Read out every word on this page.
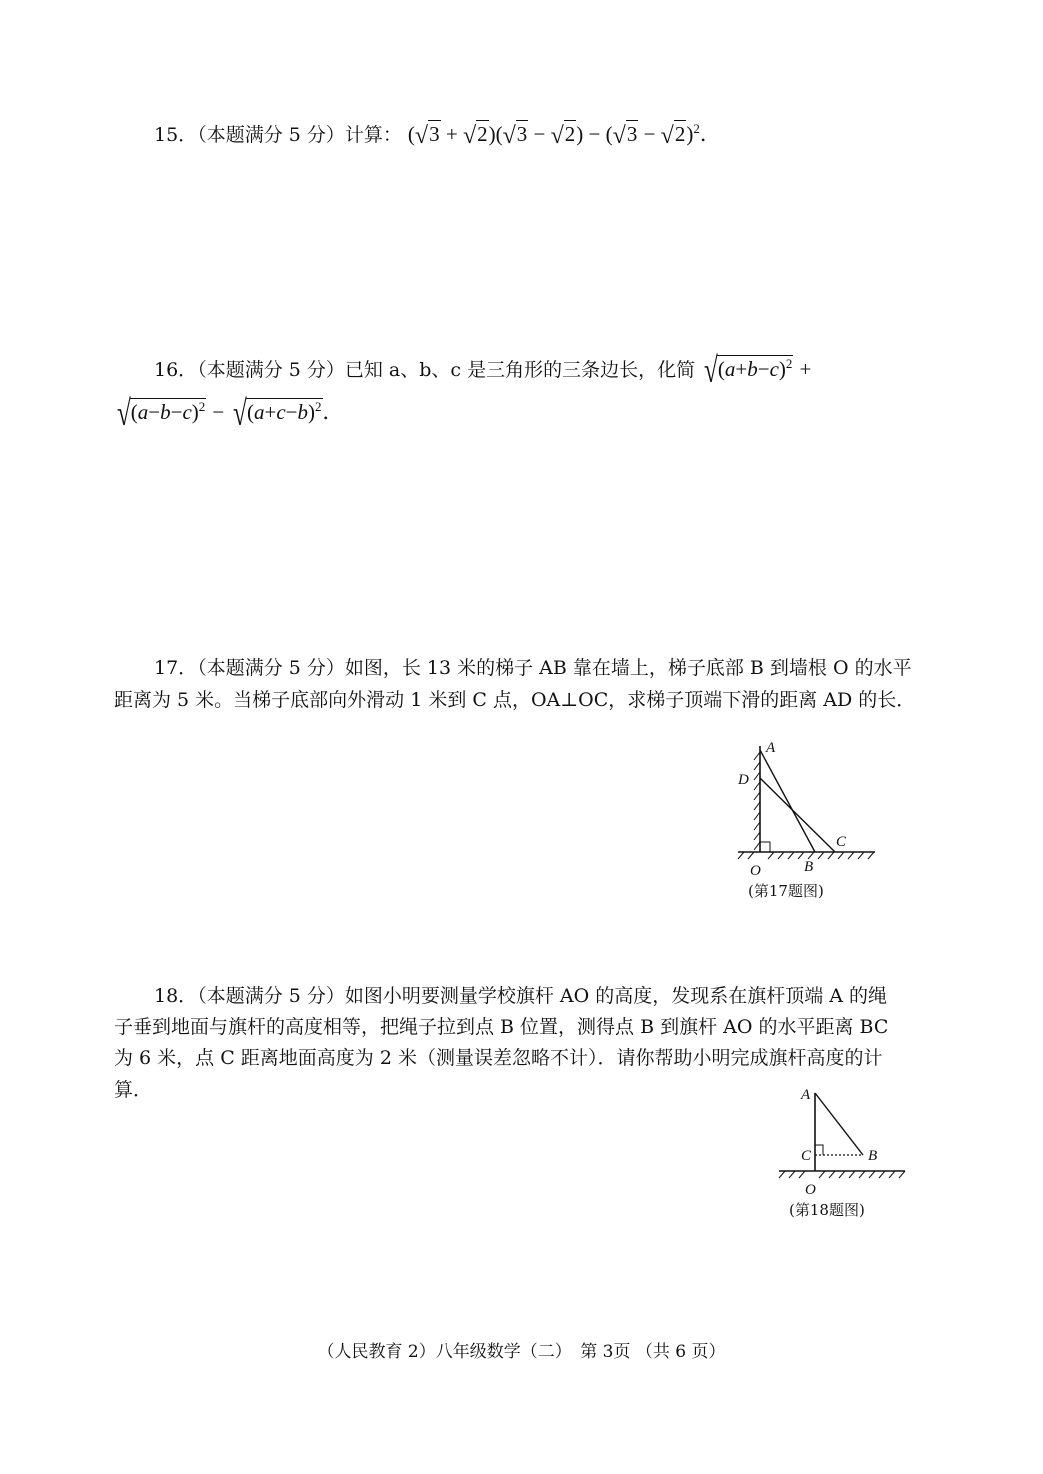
15．（本题满分 5 分）计算： $(√3 + √2)(√3 - √2) - (√3 - √2)^2$．
16．（本题满分 5 分）已知 a、b、c 是三角形的三条边长，化简 $√(a+b-c)^2$ +
$√(a-b-c)^2 - √(a+c-b)^2$．
17．（本题满分 5 分）如图，长 13 米的梯子 AB 靠在墙上，梯子底部 B 到墙根 O 的水平
距离为 5 米。当梯子底部向外滑动 1 米到 C 点，OA⊥OC，求梯子顶端下滑的距离 AD 的长．
A
D
O	B
C
(第17题图)
18．（本题满分 5 分）如图小明要测量学校旗杆 AO 的高度，发现系在旗杆顶端 A 的绳
子垂到地面与旗杆的高度相等，把绳子拉到点 B 位置，测得点 B 到旗杆 AO 的水平距离 BC
为 6 米，点 C 距离地面高度为 2 米（测量误差忽略不计）．请你帮助小明完成旗杆高度的计
算．	A
C	B
O
(第18题图)
（人民教育 2）八年级数学（二）　第 3页 （共 6 页）
